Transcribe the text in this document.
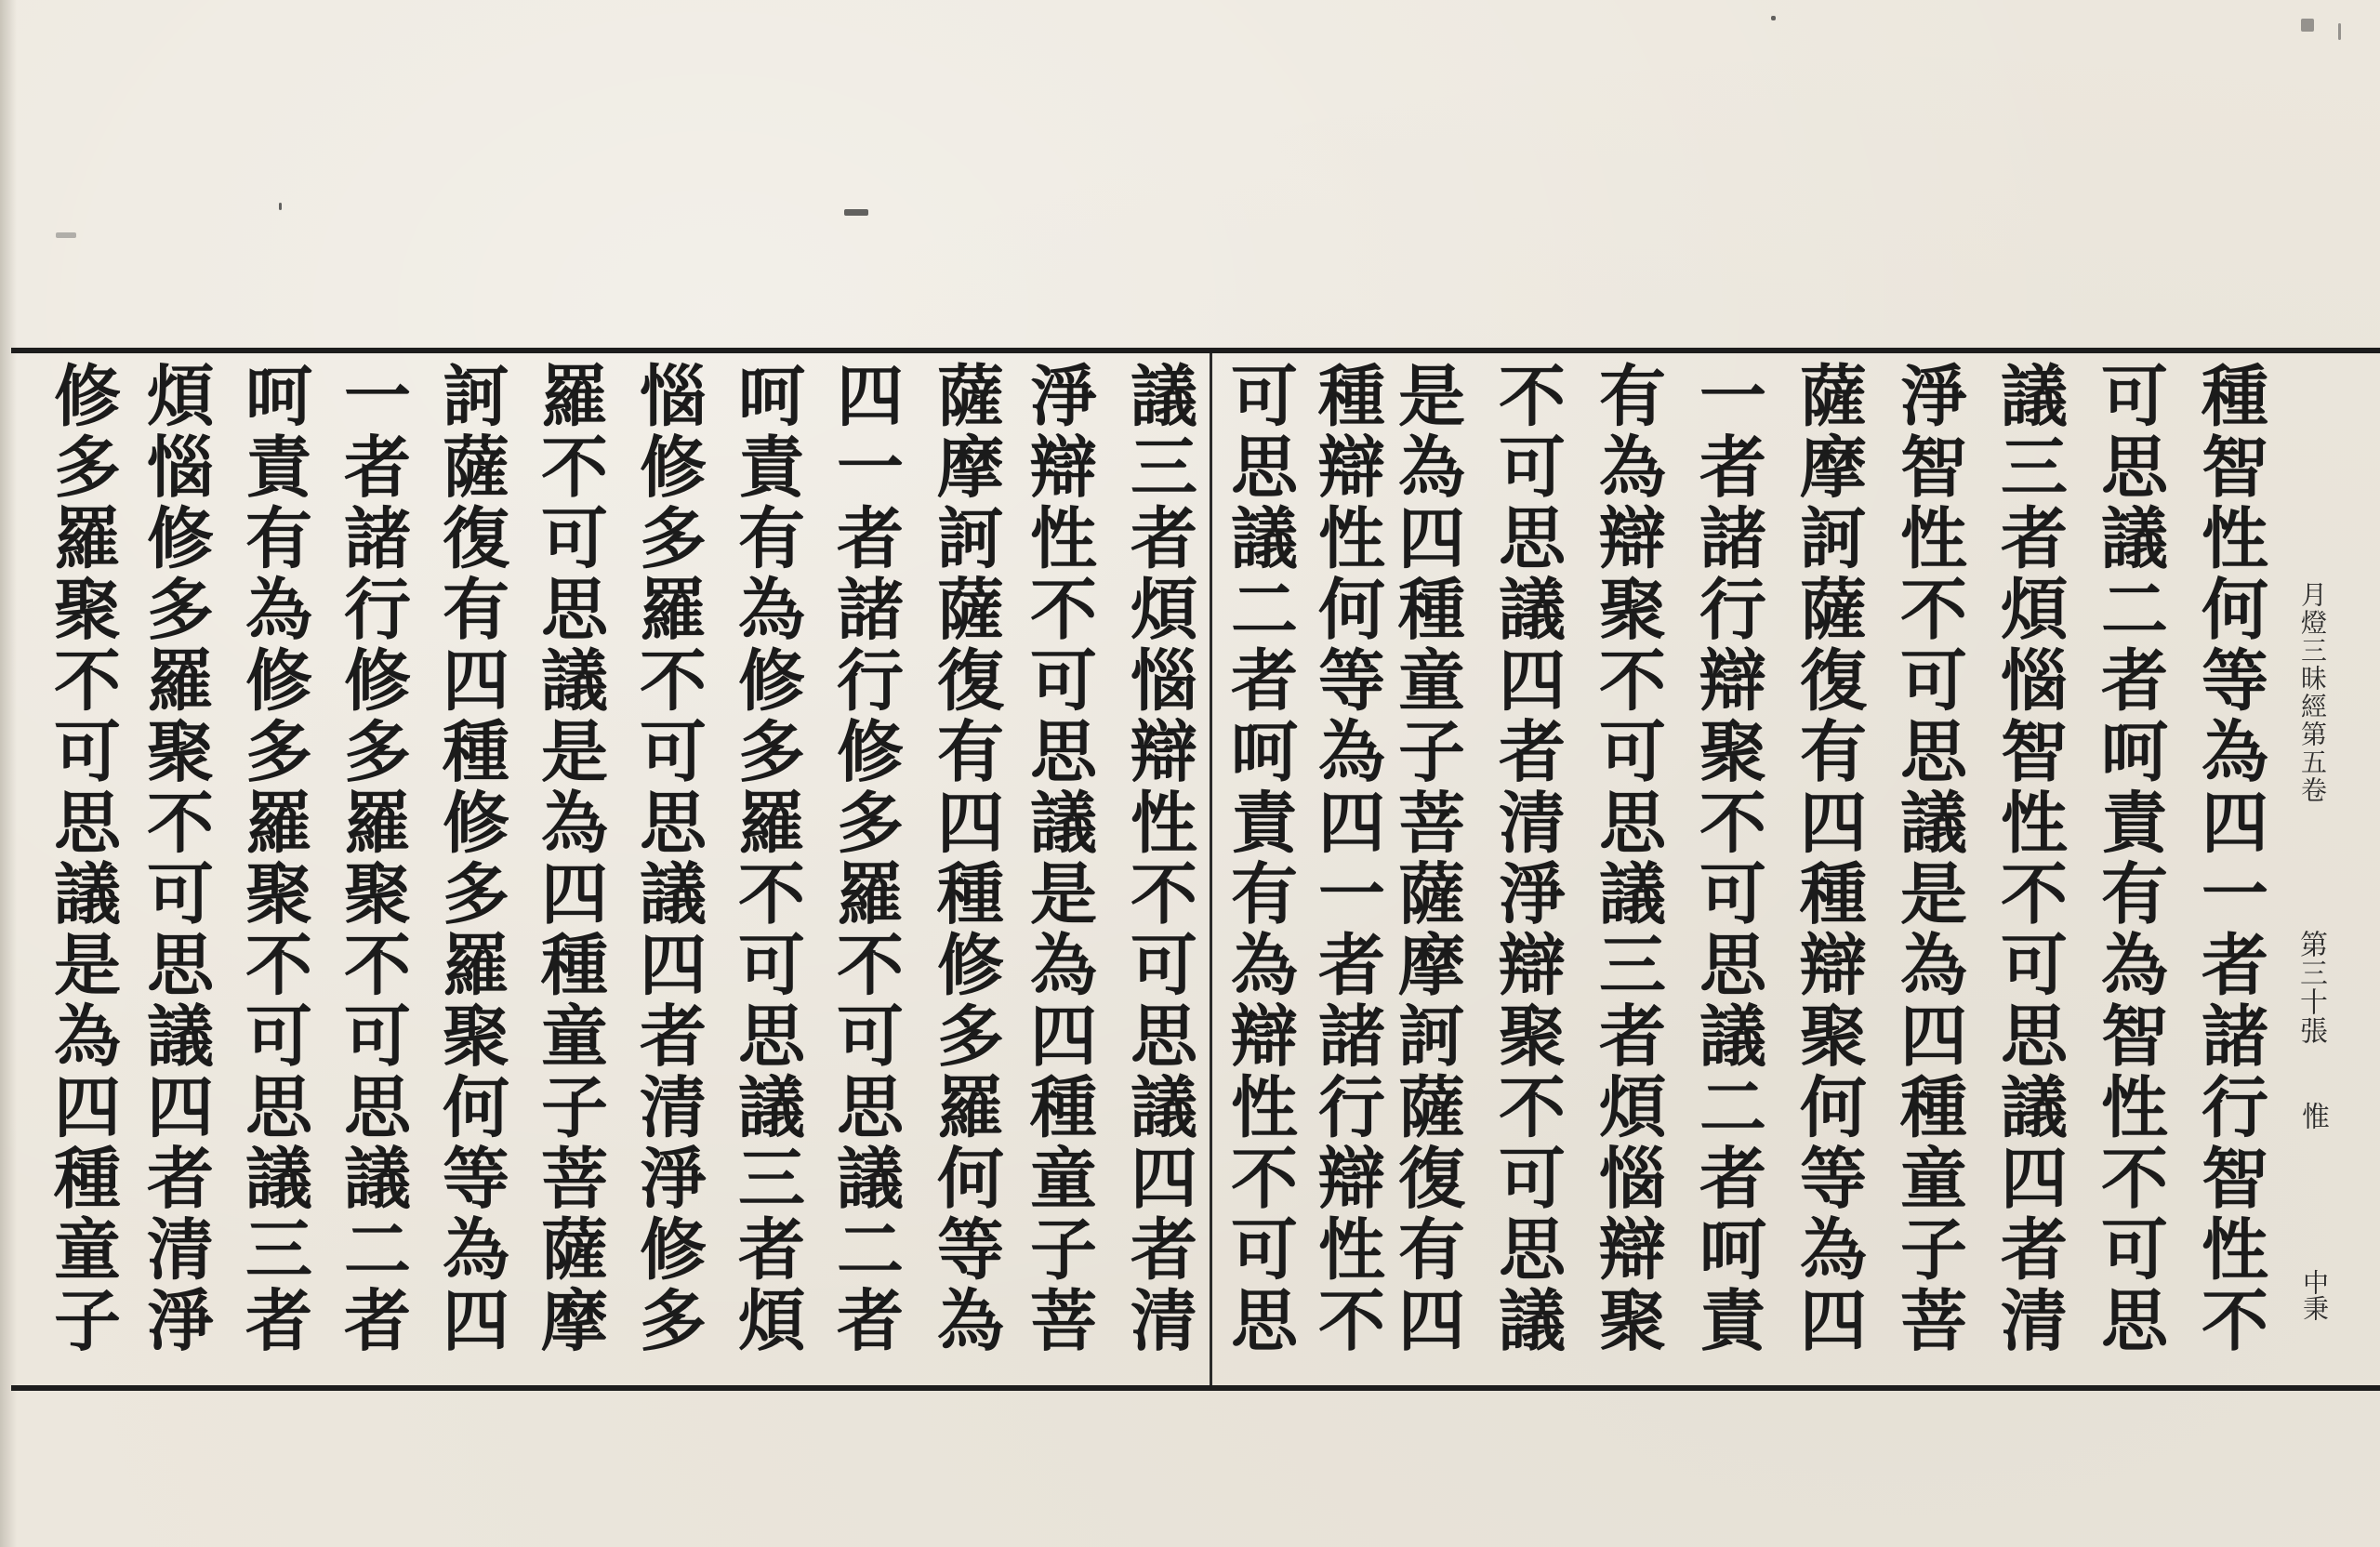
月燈三昧經第五卷
第三十張
惟
中秉
種智性何等為四一者諸行智性不
可思議二者呵責有為智性不可思
議三者煩惱智性不可思議四者清
淨智性不可思議是為四種童子菩
薩摩訶薩復有四種辯聚何等為四
一者諸行辯聚不可思議二者呵責
有為辯聚不可思議三者煩惱辯聚
不可思議四者清淨辯聚不可思議
是為四種童子菩薩摩訶薩復有四
種辯性何等為四一者諸行辯性不
可思議二者呵責有為辯性不可思
議三者煩惱辯性不可思議四者清
淨辯性不可思議是為四種童子菩
薩摩訶薩復有四種修多羅何等為
四一者諸行修多羅不可思議二者
呵責有為修多羅不可思議三者煩
惱修多羅不可思議四者清淨修多
羅不可思議是為四種童子菩薩摩
訶薩復有四種修多羅聚何等為四
一者諸行修多羅聚不可思議二者
呵責有為修多羅聚不可思議三者
煩惱修多羅聚不可思議四者清淨
修多羅聚不可思議是為四種童子
